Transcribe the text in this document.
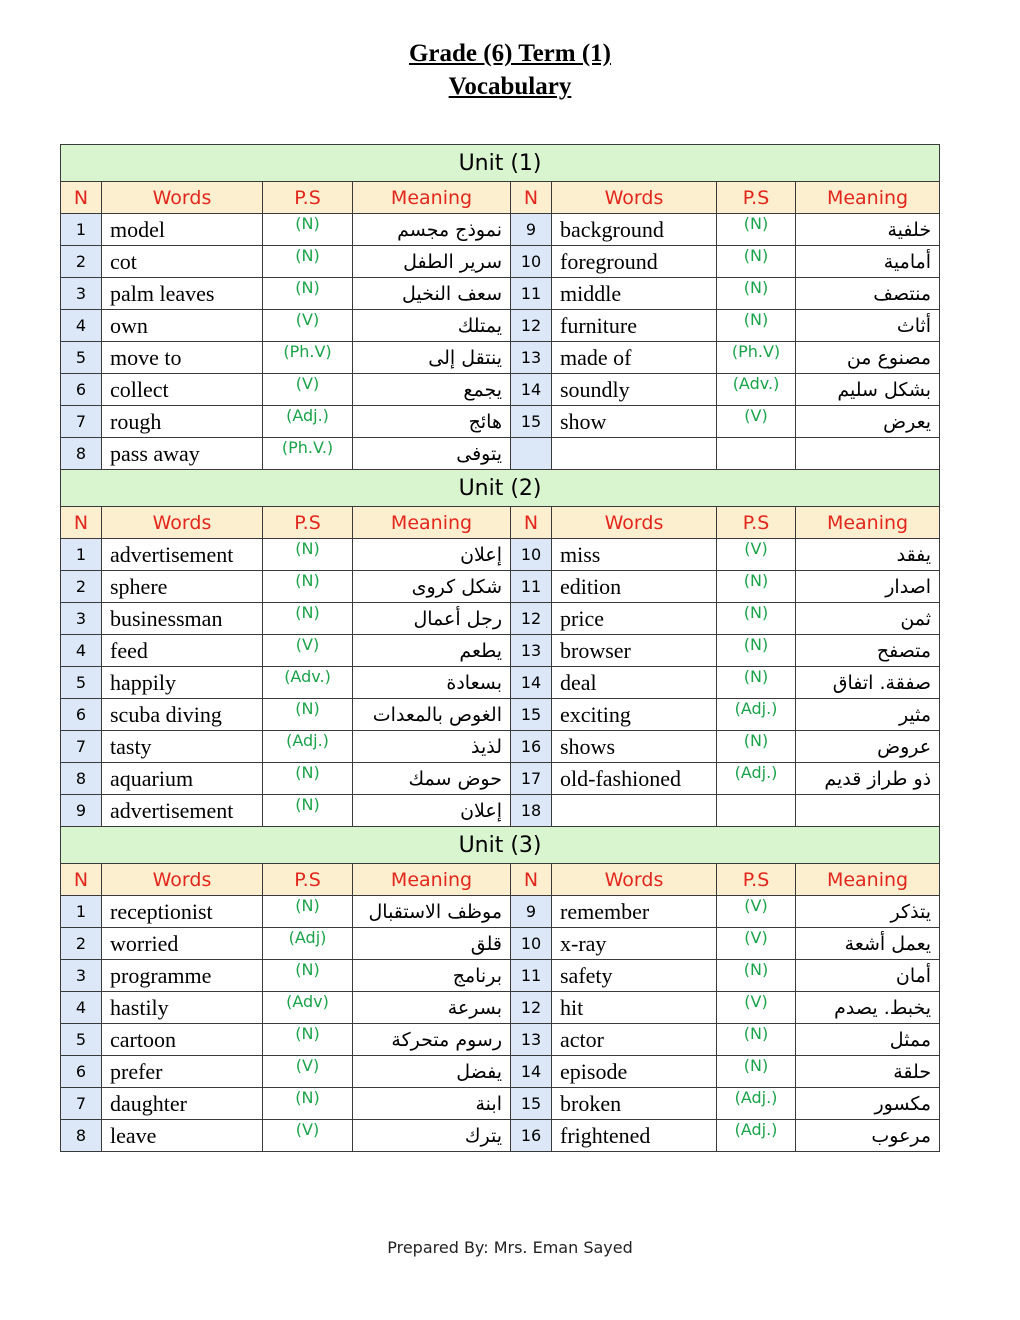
Grade (6) Term (1)
Vocabulary
Unit (1)							
N	Words	P.S	Meaning	N	Words	P.S	Meaning
1	model	(N)	نموذج مجسم	9	background	(N)	خلفية
2	cot	(N)	سرير الطفل	10	foreground	(N)	أمامية
3	palm leaves	(N)	سعف النخيل	11	middle	(N)	منتصف
4	own	(V)	يمتلك	12	furniture	(N)	أثاث
5	move to	(Ph.V)	ينتقل إلى	13	made of	(Ph.V)	مصنوع من
6	collect	(V)	يجمع	14	soundly	(Adv.)	بشكل سليم
7	rough	(Adj.)	هائج	15	show	(V)	يعرض
8	pass away	(Ph.V.)	يتوفى				
Unit (2)							
N	Words	P.S	Meaning	N	Words	P.S	Meaning
1	advertisement	(N)	إعلان	10	miss	(V)	يفقد
2	sphere	(N)	شكل كروى	11	edition	(N)	اصدار
3	businessman	(N)	رجل أعمال	12	price	(N)	ثمن
4	feed	(V)	يطعم	13	browser	(N)	متصفح
5	happily	(Adv.)	بسعادة	14	deal	(N)	صفقة. اتفاق
6	scuba diving	(N)	الغوص بالمعدات	15	exciting	(Adj.)	مثير
7	tasty	(Adj.)	لذيذ	16	shows	(N)	عروض
8	aquarium	(N)	حوض سمك	17	old-fashioned	(Adj.)	ذو طراز قديم
9	advertisement	(N)	إعلان	18			
Unit (3)							
N	Words	P.S	Meaning	N	Words	P.S	Meaning
1	receptionist	(N)	موظف الاستقبال	9	remember	(V)	يتذكر
2	worried	(Adj)	قلق	10	x-ray	(V)	يعمل أشعة
3	programme	(N)	برنامج	11	safety	(N)	أمان
4	hastily	(Adv)	بسرعة	12	hit	(V)	يخبط. يصدم
5	cartoon	(N)	رسوم متحركة	13	actor	(N)	ممثل
6	prefer	(V)	يفضل	14	episode	(N)	حلقة
7	daughter	(N)	ابنة	15	broken	(Adj.)	مكسور
8	leave	(V)	يترك	16	frightened	(Adj.)	مرعوب
Prepared By: Mrs. Eman Sayed
